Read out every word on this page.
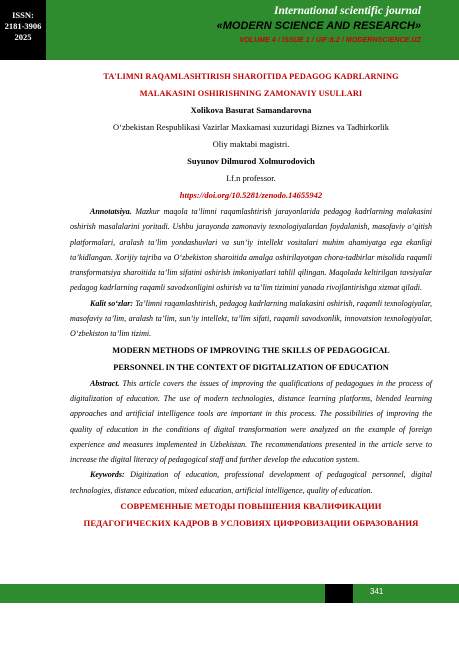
ISSN:
2181-3906
2025
International scientific journal
«MODERN SCIENCE AND RESEARCH»
VOLUME 4 / ISSUE 1 / UIF:8.2 / MODERNSCIENCE.UZ
TA'LIMNI RAQAMLASHTIRISH SHAROITIDA PEDAGOG KADRLARNING
MALAKASINI OSHIRISHNING ZAMONAVIY USULLARI
Xolikova Basurat Samandarovna
O‘zbekistan Respublikasi Vazirlar Maxkamasi xuzuridagi Biznes va Tadbirkorlik
Oliy maktabi magistri.
Suyunov Dilmurod Xolmurodovich
I.f.n professor.
https://doi.org/10.5281/zenodo.14655942

Annotatsiya. Mazkur maqola ta’limni raqamlashtirish jarayonlarida pedagog kadrlarning malakasini oshirish masalalarini yoritadi. Ushbu jarayonda zamonaviy texnologiyalardan foydalanish, masofaviy o‘qitish platformalari, aralash ta’lim yondashuvlari va sun’iy intellekt vositalari muhim ahamiyatga ega ekanligi ta’kidlangan. Xorijiy tajriba va O‘zbekiston sharoitida amalga oshirilayotgan chora-tadbirlar misolida raqamli transformatsiya sharoitida ta’lim sifatini oshirish imkoniyatlari tahlil qilingan. Maqolada keltirilgan tavsiyalar pedagog kadrlarning raqamli savodxonligini oshirish va ta’lim tizimini yanada rivojlantirishga xizmat qiladi.

Kalit so‘zlar: Ta’limni raqamlashtirish, pedagog kadrlarning malakasini oshirish, raqamli texnologiyalar, masofaviy ta’lim, aralash ta’lim, sun’iy intellekt, ta’lim sifati, raqamli savodxonlik, innovatsion texnologiyalar, O‘zbekiston ta’lim tizimi.

MODERN METHODS OF IMPROVING THE SKILLS OF PEDAGOGICAL
PERSONNEL IN THE CONTEXT OF DIGITALIZATION OF EDUCATION

Abstract. This article covers the issues of improving the qualifications of pedagogues in the process of digitalization of education. The use of modern technologies, distance learning platforms, blended learning approaches and artificial intelligence tools are important in this process. The possibilities of improving the quality of education in the conditions of digital transformation were analyzed on the example of foreign experience and measures implemented in Uzbekistan. The recommendations presented in the article serve to increase the digital literacy of pedagogical staff and further develop the education system.

Keywords: Digitization of education, professional development of pedagogical personnel, digital technologies, distance education, mixed education, artificial intelligence, quality of education.

СОВРЕМЕННЫЕ МЕТОДЫ ПОВЫШЕНИЯ КВАЛИФИКАЦИИ
ПЕДАГОГИЧЕСКИХ КАДРОВ В УСЛОВИЯХ ЦИФРОВИЗАЦИИ ОБРАЗОВАНИЯ
341
